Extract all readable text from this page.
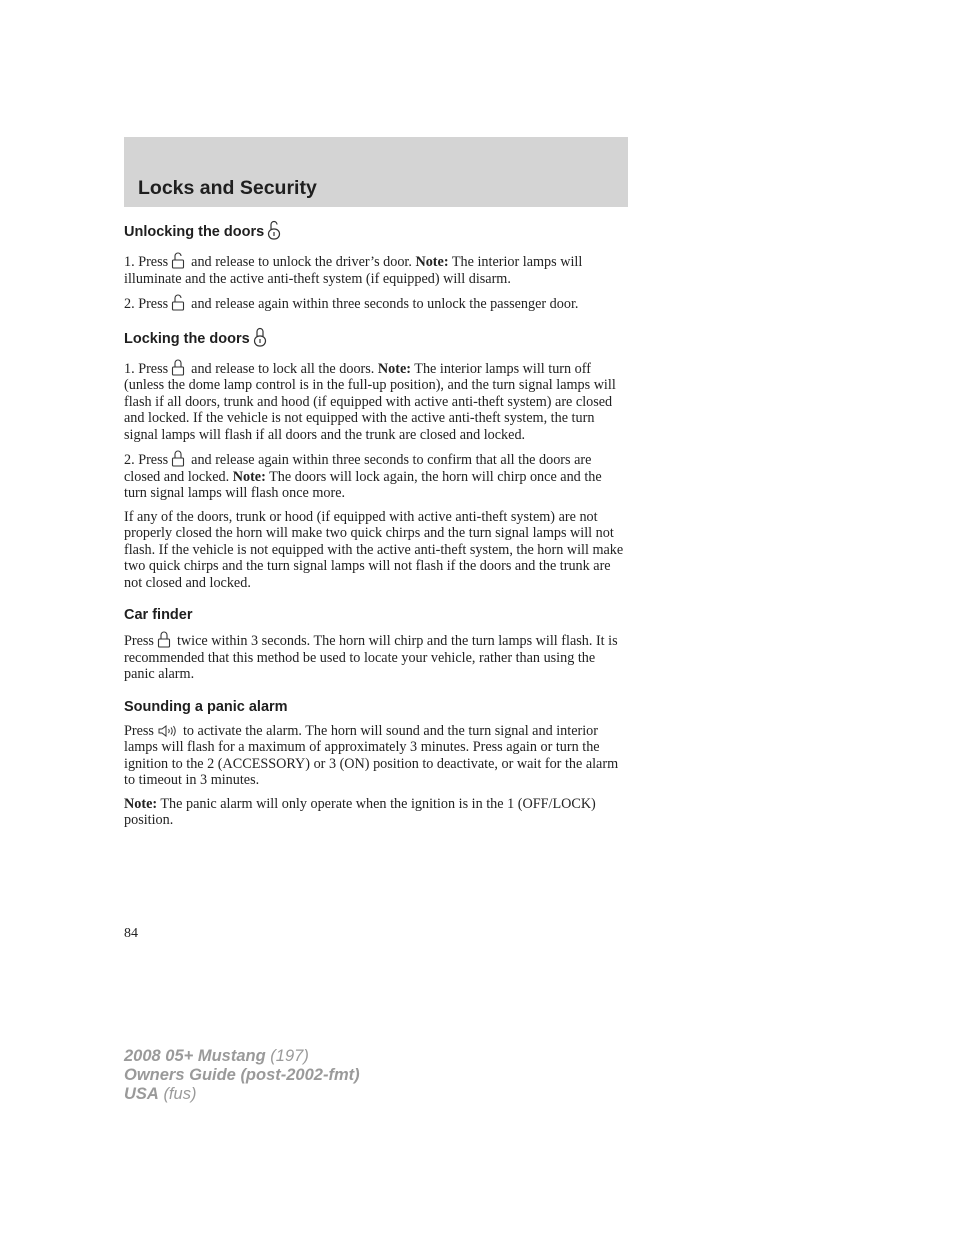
Locks and Security
Unlocking the doors

1. Press and release to unlock the driver’s door. Note: The interior lamps will illuminate and the active anti-theft system (if equipped) will disarm.

2. Press and release again within three seconds to unlock the passenger door.

Locking the doors

1. Press and release to lock all the doors. Note: The interior lamps will turn off (unless the dome lamp control is in the full-up position), and the turn signal lamps will flash if all doors, trunk and hood (if equipped with active anti-theft system) are closed and locked. If the vehicle is not equipped with the active anti-theft system, the turn signal lamps will flash if all doors and the trunk are closed and locked.

2. Press and release again within three seconds to confirm that all the doors are closed and locked. Note: The doors will lock again, the horn will chirp once and the turn signal lamps will flash once more.

If any of the doors, trunk or hood (if equipped with active anti-theft system) are not properly closed the horn will make two quick chirps and the turn signal lamps will not flash. If the vehicle is not equipped with the active anti-theft system, the horn will make two quick chirps and the turn signal lamps will not flash if the doors and the trunk are not closed and locked.

Car finder

Press twice within 3 seconds. The horn will chirp and the turn lamps will flash. It is recommended that this method be used to locate your vehicle, rather than using the panic alarm.

Sounding a panic alarm

Press to activate the alarm. The horn will sound and the turn signal and interior lamps will flash for a maximum of approximately 3 minutes. Press again or turn the ignition to the 2 (ACCESSORY) or 3 (ON) position to deactivate, or wait for the alarm to timeout in 3 minutes.

Note: The panic alarm will only operate when the ignition is in the 1 (OFF/LOCK) position.

84
2008 05+ Mustang (197)
Owners Guide (post-2002-fmt)
USA (fus)
